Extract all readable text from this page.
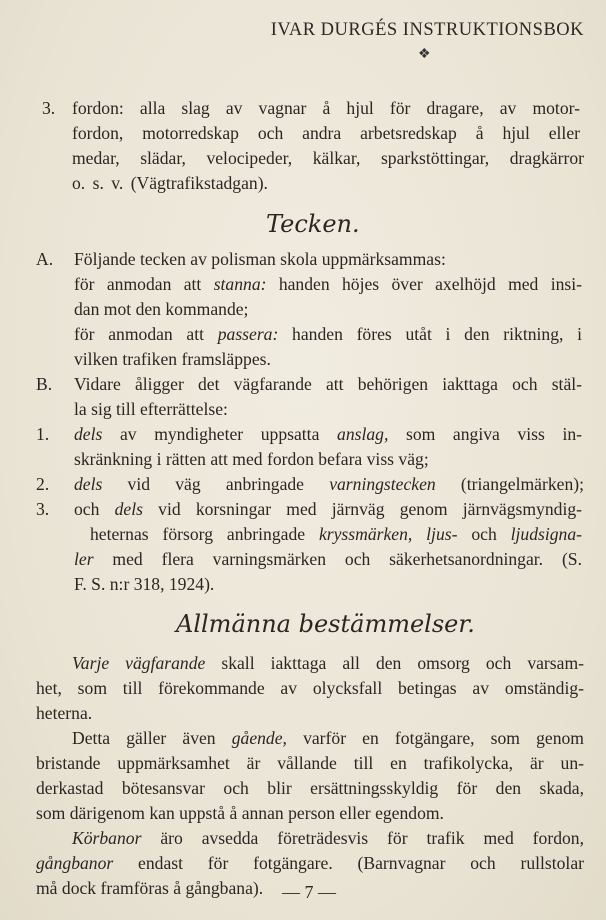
IVAR DURGÉS INSTRUKTIONSBOK
❖
3. fordon: alla slag av vagnar å hjul för dragare, av motor-
fordon, motorredskap och andra arbetsredskap å hjul eller
medar, slädar, velocipeder, kälkar, sparkstöttingar, dragkärror
o. s. v. (Vägtrafikstadgan).
Tecken.
A. Följande tecken av polisman skola uppmärksammas:
för anmodan att stanna: handen höjes över axelhöjd med insi-
dan mot den kommande;
för anmodan att passera: handen föres utåt i den riktning, i
vilken trafiken framsläppes.
B. Vidare åligger det vägfarande att behörigen iakttaga och stäl-
la sig till efterrättelse:
1. dels av myndigheter uppsatta anslag, som angiva viss in-
skränkning i rätten att med fordon befara viss väg;
2. dels vid väg anbringade varningstecken (triangelmärken);
3. och dels vid korsningar med järnväg genom järnvägsmyndig-
heternas försorg anbringade kryssmärken, ljus- och ljudsigna-
ler med flera varningsmärken och säkerhetsanordningar. (S.
F. S. n:r 318, 1924).
Allmänna bestämmelser.
Varje vägfarande skall iakttaga all den omsorg och varsam-
het, som till förekommande av olycksfall betingas av omständig-
heterna.
Detta gäller även gående, varför en fotgängare, som genom
bristande uppmärksamhet är vållande till en trafikolycka, är un-
derkastad bötesansvar och blir ersättningsskyldig för den skada,
som därigenom kan uppstå å annan person eller egendom.
Körbanor äro avsedda företrädesvis för trafik med fordon,
gångbanor endast för fotgängare. (Barnvagnar och rullstolar
må dock framföras å gångbana). — 7 —
